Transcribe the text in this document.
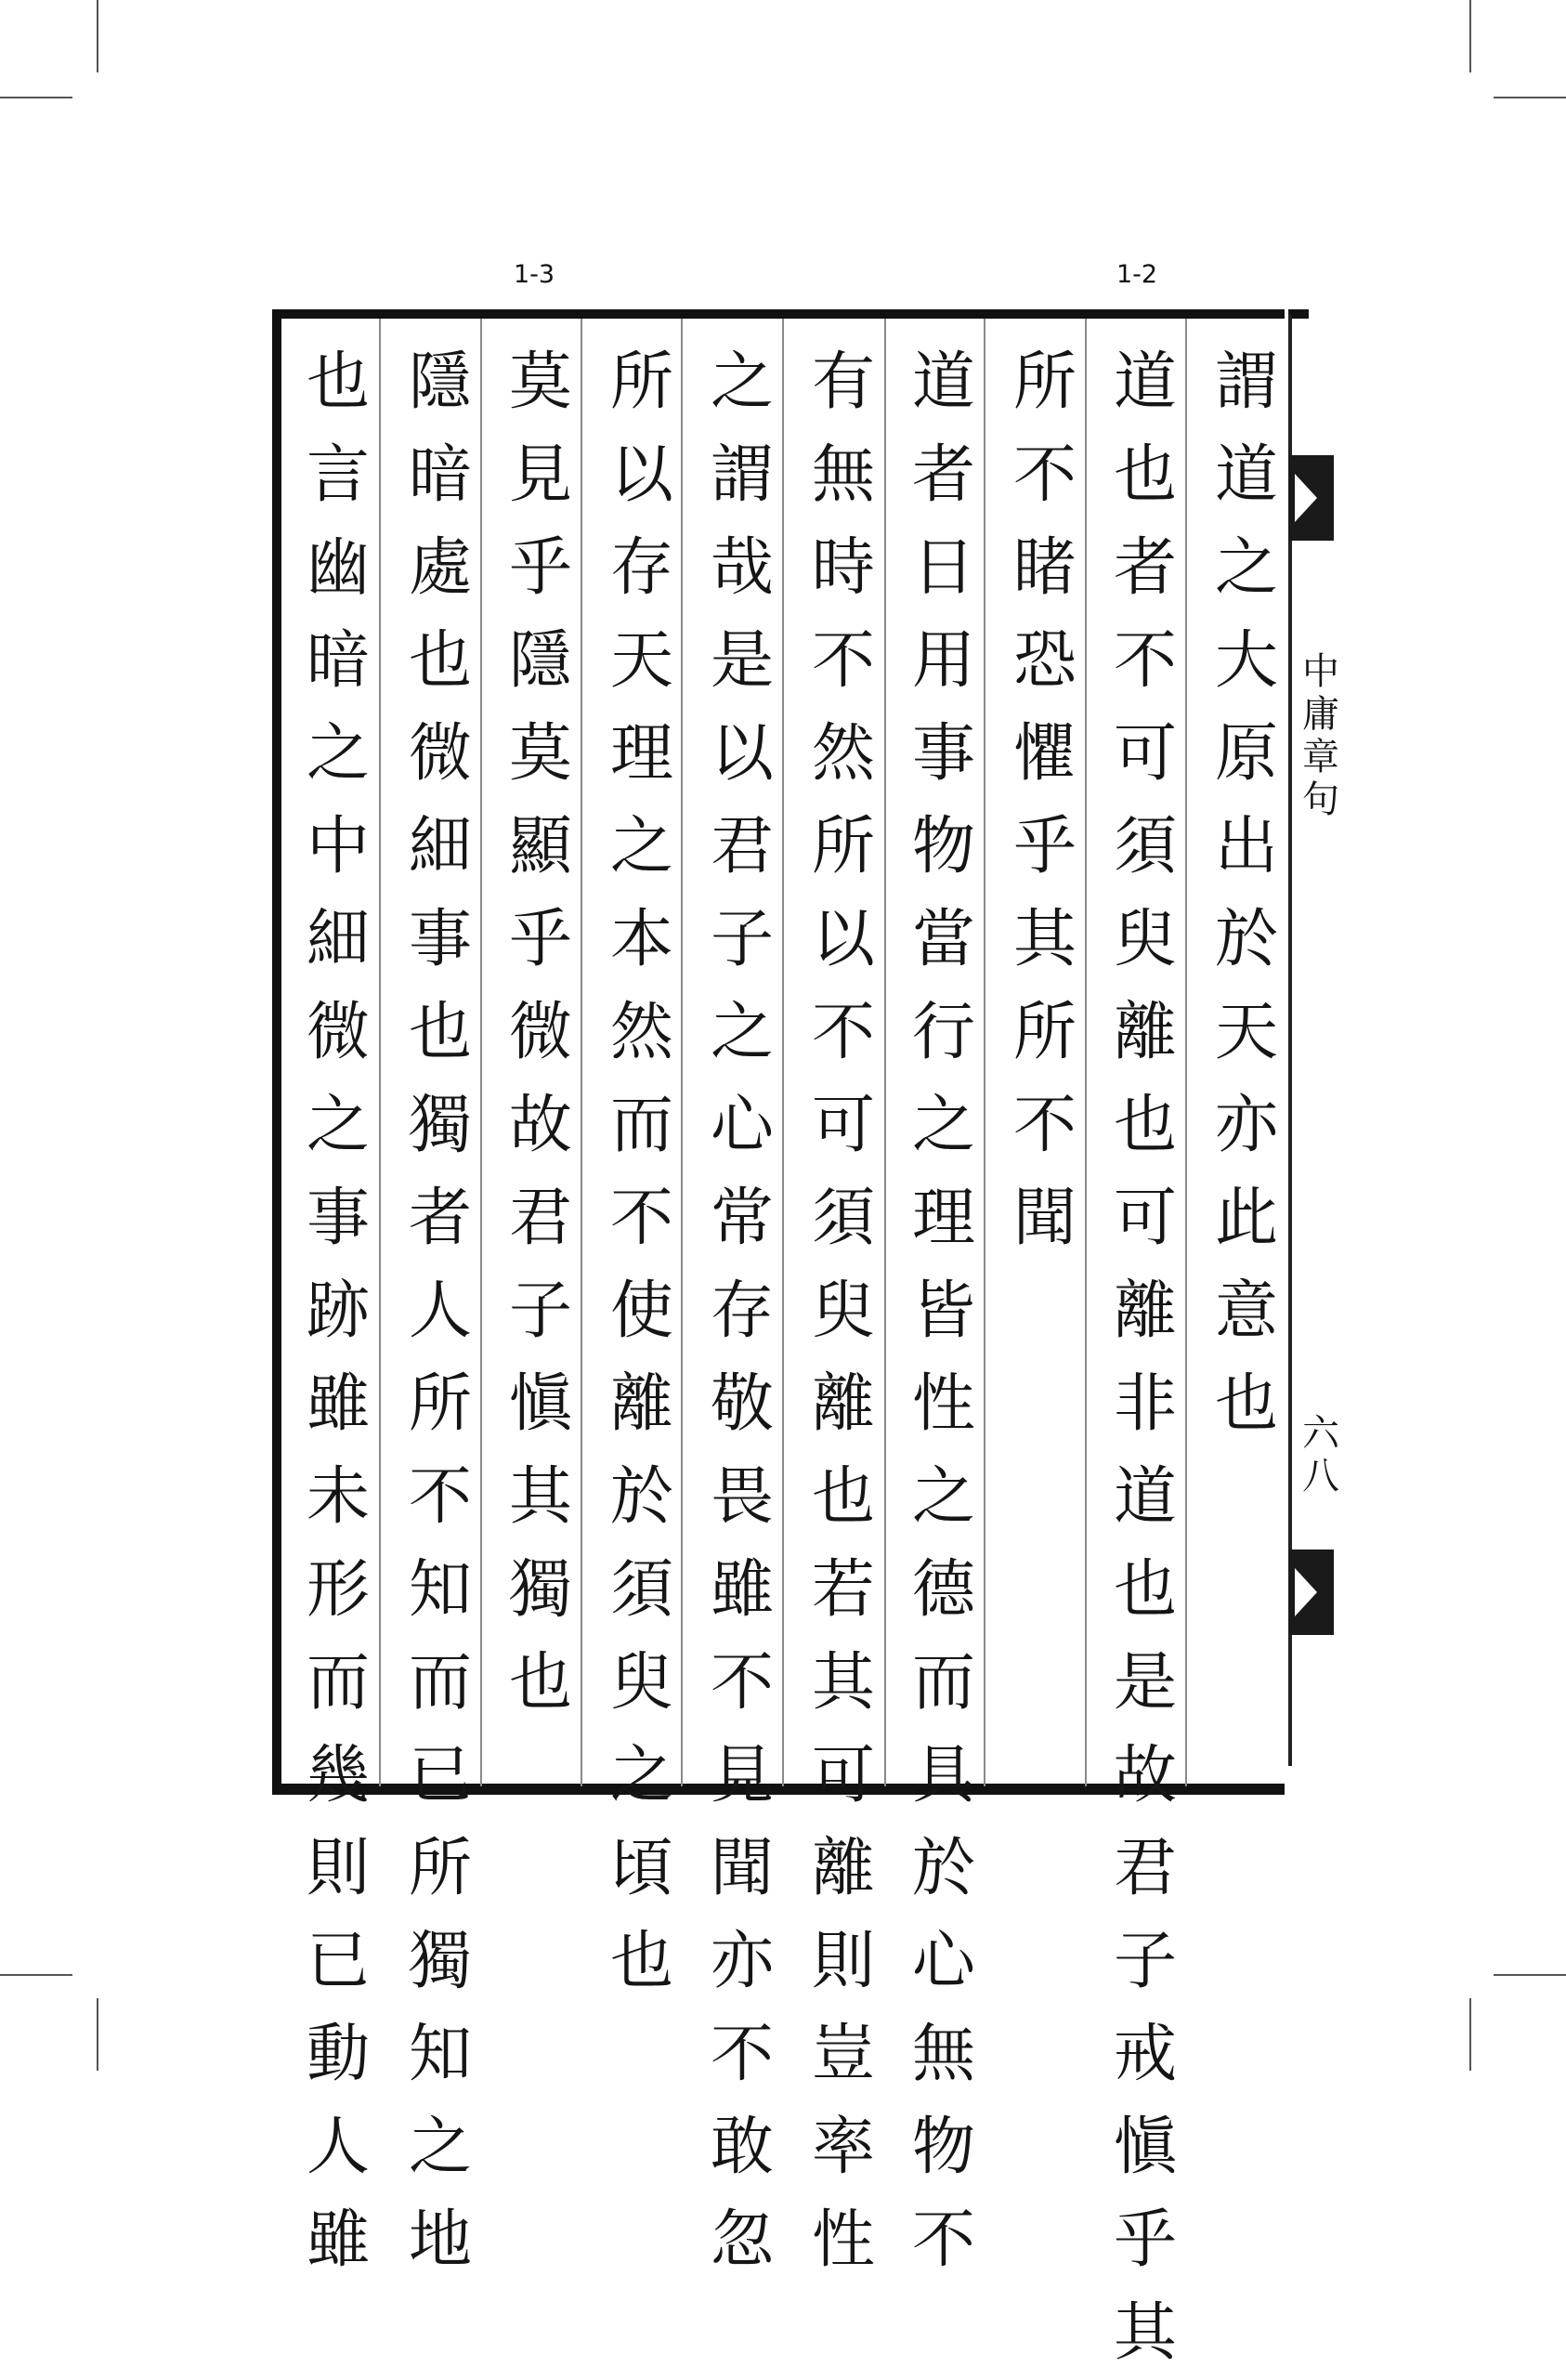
1-3	1-2
中
庸
章
句
六
八
謂
道
之
大
原
出
於
天
亦
此
意
也
道
也
者
不
可
須
臾
離
也
可
離
非
道
也
是
故
君
子
戒
愼
乎
其
所
不
睹
恐
懼
乎
其
所
不
聞
道
者
日
用
事
物
當
行
之
理
皆
性
之
德
而
具
於
心
無
物
不
有
無
時
不
然
所
以
不
可
須
臾
離
也
若
其
可
離
則
豈
率
性
之
謂
哉
是
以
君
子
之
心
常
存
敬
畏
雖
不
見
聞
亦
不
敢
忽
所
以
存
天
理
之
本
然
而
不
使
離
於
須
臾
之
頃
也
莫
見
乎
隱
莫
顯
乎
微
故
君
子
愼
其
獨
也
隱
暗
處
也
微
細
事
也
獨
者
人
所
不
知
而
已
所
獨
知
之
地
也
言
幽
暗
之
中
細
微
之
事
跡
雖
未
形
而
幾
則
已
動
人
雖
